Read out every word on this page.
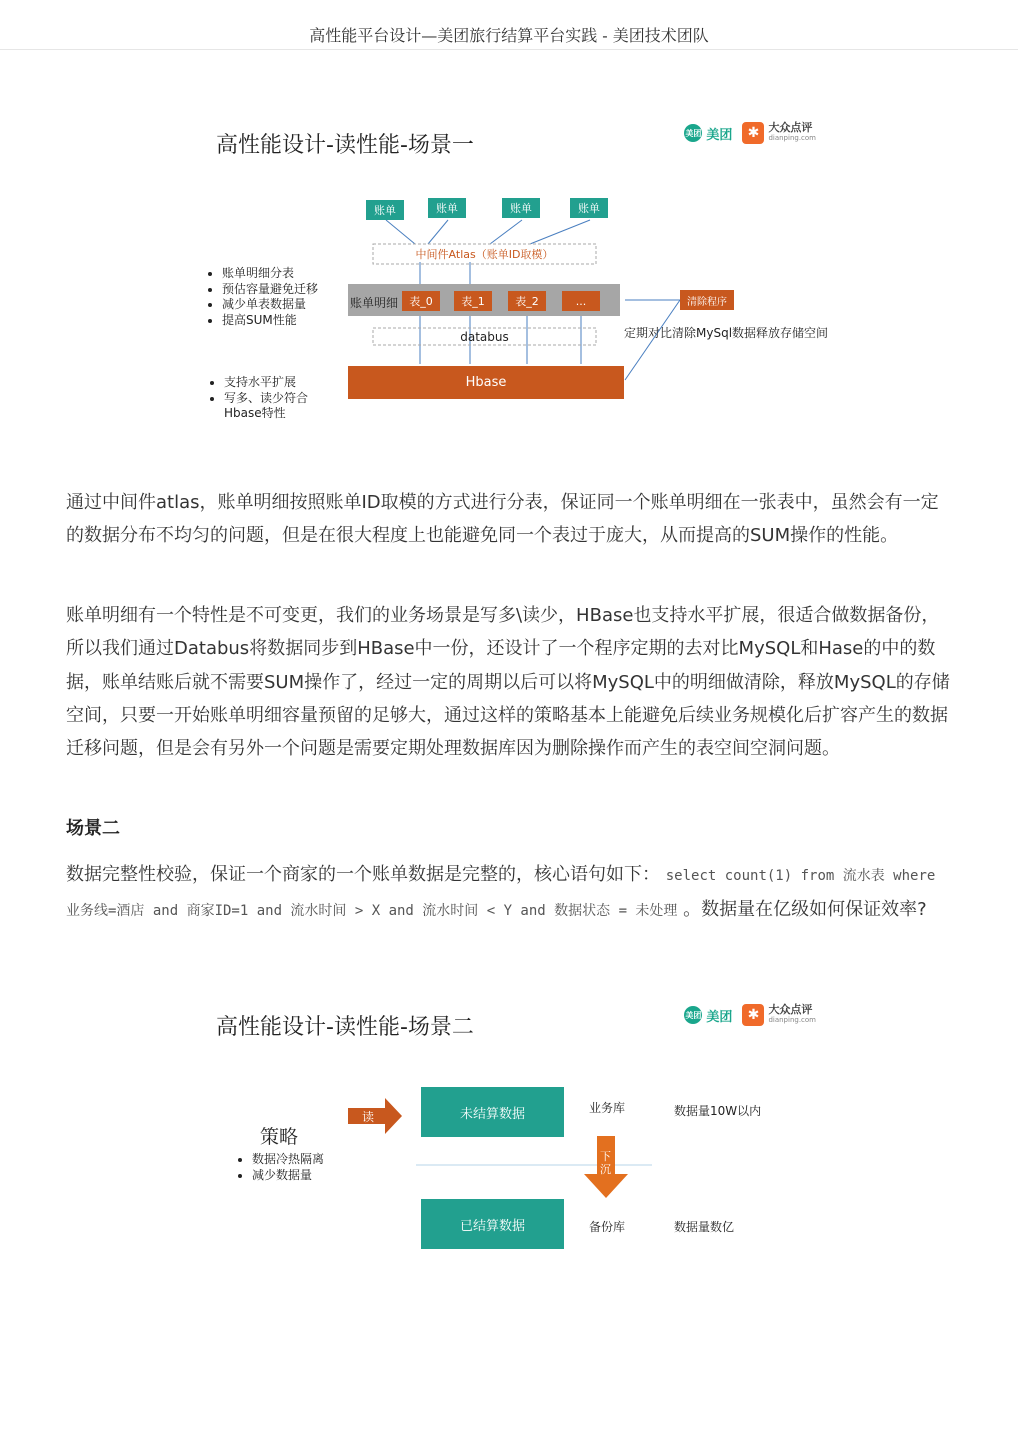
高性能平台设计—美团旅行结算平台实践 - 美团技术团队
高性能设计-读性能-场景一	美团 美团	✱ 大众点评
dianping.com
账单	账单	账单	账单
中间件Atlas（账单ID取模）
账单明细	表_0	表_1	表_2	...	清除程序
定期对比清除MySql数据释放存储空间
databus
Hbase
• 账单明细分表
• 预估容量避免迁移
• 减少单表数据量
• 提高SUM性能
• 支持水平扩展
• 写多、读少符合
Hbase特性

通过中间件atlas，账单明细按照账单ID取模的方式进行分表，保证同一个账单明细在一张表中，虽然会有一定的数据分布不均匀的问题，但是在很大程度上也能避免同一个表过于庞大，从而提高的SUM操作的性能。

账单明细有一个特性是不可变更，我们的业务场景是写多\读少，HBase也支持水平扩展，很适合做数据备份，所以我们通过Databus将数据同步到HBase中一份，还设计了一个程序定期的去对比MySQL和Hase的中的数据，账单结账后就不需要SUM操作了，经过一定的周期以后可以将MySQL中的明细做清除，释放MySQL的存储空间，只要一开始账单明细容量预留的足够大，通过这样的策略基本上能避免后续业务规模化后扩容产生的数据迁移问题，但是会有另外一个问题是需要定期处理数据库因为删除操作而产生的表空间空洞问题。

场景二

数据完整性校验，保证一个商家的一个账单数据是完整的，核心语句如下： select count(1) from 流水表 where 业务线=酒店 and 商家ID=1 and 流水时间 > X and 流水时间 < Y and 数据状态 = 未处理 。数据量在亿级如何保证效率?

高性能设计-读性能-场景二	美团 美团	✱ 大众点评
dianping.com
策略
• 数据冷热隔离
• 减少数据量
读
下沉
未结算数据
已结算数据
业务库
备份库
数据量10W以内
数据量数亿
